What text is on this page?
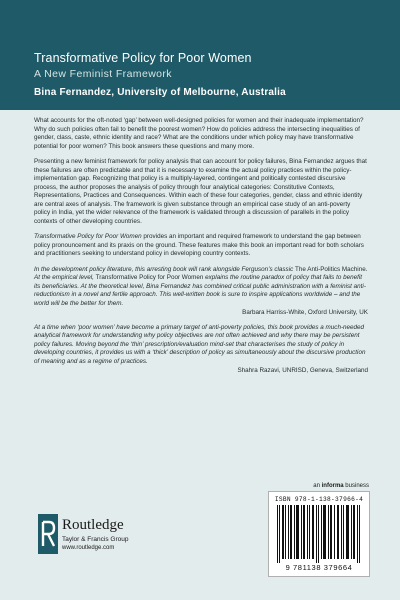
Transformative Policy for Poor Women
A New Feminist Framework
Bina Fernandez, University of Melbourne, Australia

What accounts for the oft-noted ‘gap’ between well-designed policies for women and their inadequate implementation? Why do such policies often fail to benefit the poorest women? How do policies address the intersecting inequalities of gender, class, caste, ethnic identity and race? What are the conditions under which policy may have transformative potential for poor women? This book answers these questions and many more.

Presenting a new feminist framework for policy analysis that can account for policy failures, Bina Fernandez argues that these failures are often predictable and that it is necessary to examine the actual policy practices within the policy-implementation gap. Recognizing that policy is a multiply-layered, contingent and politically contested discursive process, the author proposes the analysis of policy through four analytical categories: Constitutive Contexts, Representations, Practices and Consequences. Within each of these four categories, gender, class and ethnic identity are central axes of analysis. The framework is given substance through an empirical case study of an anti-poverty policy in India, yet the wider relevance of the framework is validated through a discussion of parallels in the policy contexts of other developing countries.

Transformative Policy for Poor Women provides an important and required framework to understand the gap between policy pronouncement and its praxis on the ground. These features make this book an important read for both scholars and practitioners seeking to understand policy in developing country contexts.

In the development policy literature, this arresting book will rank alongside Ferguson’s classic The Anti-Politics Machine. At the empirical level, Transformative Policy for Poor Women explains the routine paradox of policy that fails to benefit its beneficiaries. At the theoretical level, Bina Fernandez has combined critical public administration with a feminist anti-reductionism in a novel and fertile approach. This well-written book is sure to inspire applications worldwide – and the world will be the better for them.

Barbara Harriss-White, Oxford University, UK

At a time when ‘poor women’ have become a primary target of anti-poverty policies, this book provides a much-needed analytical framework for understanding why policy objectives are not often achieved and why there may be persistent policy failures. Moving beyond the ‘thin’ prescription/evaluation mind-set that characterises the study of policy in developing countries, it provides us with a ‘thick’ description of policy as simultaneously about the discursive production of meaning and as a regime of practices.

Shahra Razavi, UNRISD, Geneva, Switzerland

an informa business
Routledge
Taylor & Francis Group
www.routledge.com
ISBN 978-1-138-37966-4
9 781138 379664
